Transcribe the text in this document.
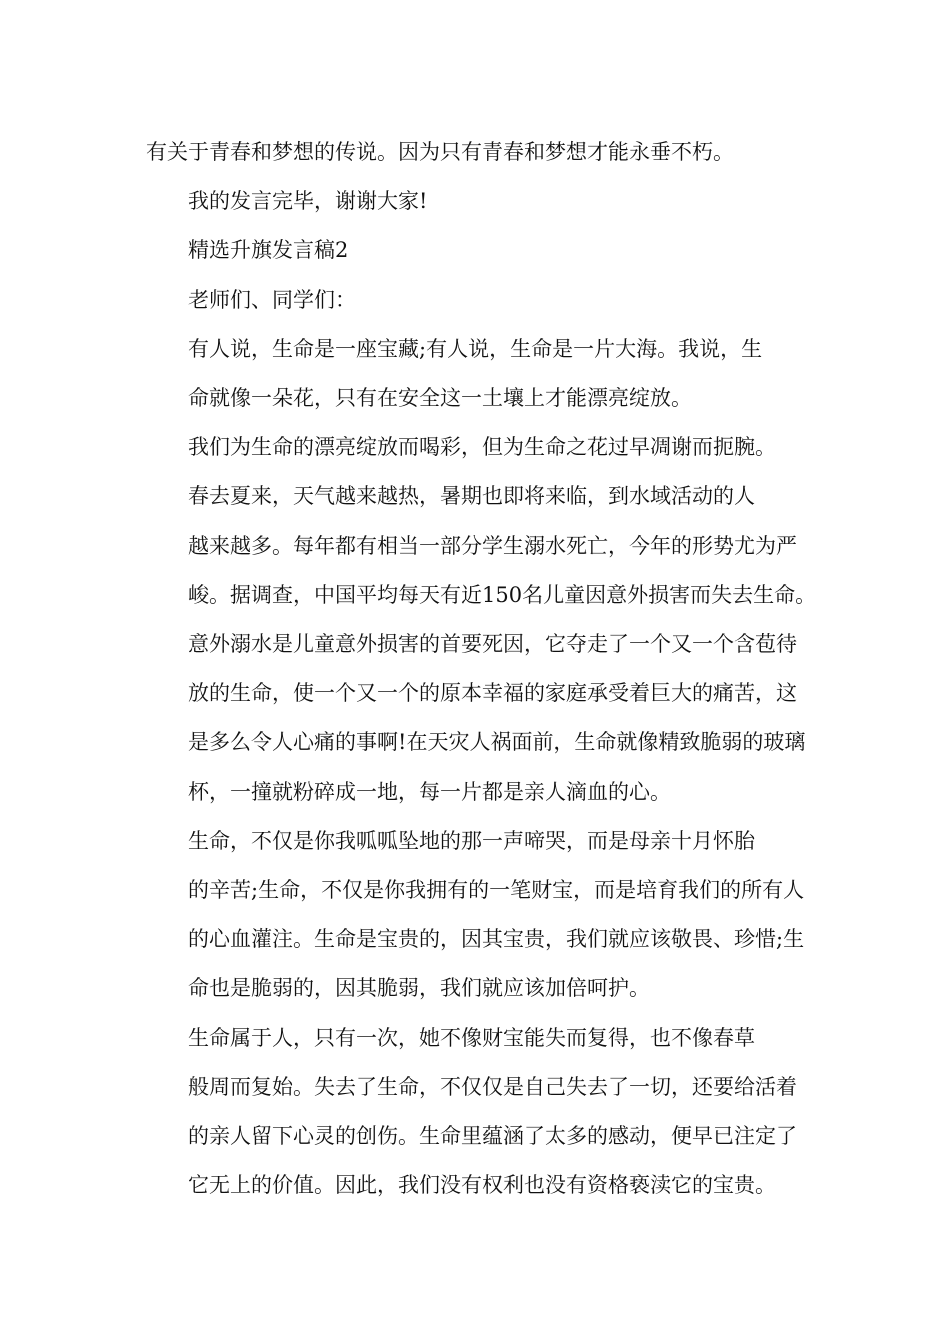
有关于青春和梦想的传说。因为只有青春和梦想才能永垂不朽。

我的发言完毕，谢谢大家!

精选升旗发言稿2

老师们、同学们：

有人说，生命是一座宝藏;有人说，生命是一片大海。我说，生
命就像一朵花，只有在安全这一土壤上才能漂亮绽放。

我们为生命的漂亮绽放而喝彩，但为生命之花过早凋谢而扼腕。

春去夏来，天气越来越热，暑期也即将来临，到水域活动的人
越来越多。每年都有相当一部分学生溺水死亡，今年的形势尤为严
峻。据调查，中国平均每天有近150名儿童因意外损害而失去生命。
意外溺水是儿童意外损害的首要死因，它夺走了一个又一个含苞待
放的生命，使一个又一个的原本幸福的家庭承受着巨大的痛苦，这
是多么令人心痛的事啊!在天灾人祸面前，生命就像精致脆弱的玻璃
杯，一撞就粉碎成一地，每一片都是亲人滴血的心。

生命，不仅是你我呱呱坠地的那一声啼哭，而是母亲十月怀胎
的辛苦;生命，不仅是你我拥有的一笔财宝，而是培育我们的所有人
的心血灌注。生命是宝贵的，因其宝贵，我们就应该敬畏、珍惜;生
命也是脆弱的，因其脆弱，我们就应该加倍呵护。

生命属于人，只有一次，她不像财宝能失而复得，也不像春草
般周而复始。失去了生命，不仅仅是自己失去了一切，还要给活着
的亲人留下心灵的创伤。生命里蕴涵了太多的感动，便早已注定了
它无上的价值。因此，我们没有权利也没有资格亵渎它的宝贵。
